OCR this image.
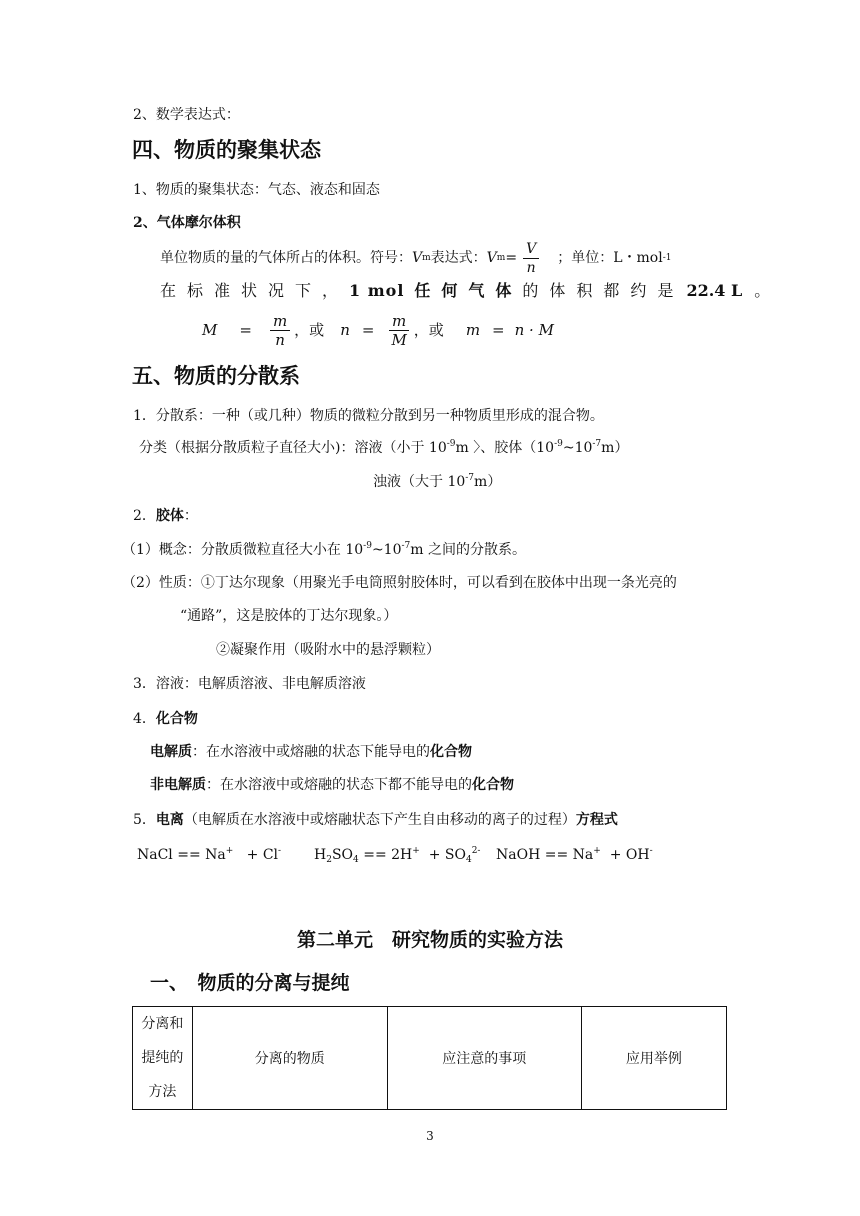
2、数学表达式：
四、物质的聚集状态
1、物质的聚集状态：气态、液态和固态
2、气体摩尔体积
单位物质的量的气体所占的体积。符号： V m 表达式： V $m = \frac{V}{n}$ ；单位：L・mol -1
在标准状况下，1 mol 任何气体的体积都约是 22.4 L 。
$M = \frac{m}{n}$ ，或 $n = \frac{m}{M}$ ，或 m = n · M
五、物质的分散系
1．分散系：一种（或几种）物质的微粒分散到另一种物质里形成的混合物。
分类（根据分散质粒子直径大小)：溶液（小于 $10^{-9}m$ 〉、胶体$(10^{-9}\sim 10^{-7}m)$
浊液（大于 $10^{-7}m$）
2．胶体：
（1）概念：分散质微粒直径大小在 $10^{-9}\sim 10^{-7}m$ 之间的分散系。
（2）性质：①丁达尔现象（用聚光手电筒照射胶体时，可以看到在胶体中出现一条光亮的
“通路”，这是胶体的丁达尔现象。）
②凝聚作用（吸附水中的悬浮颗粒）
3．溶液：电解质溶液、非电解质溶液
4．化合物
电解质：在水溶液中或熔融的状态下能导电的化合物
非电解质：在水溶液中或熔融的状态下都不能导电的化合物
5．电离（电解质在水溶液中或熔融状态下产生自由移动的离子的过程）方程式
NaCl == Na+ + Cl- $H_2SO_4 == 2H^+ + SO_4^{2-}$ NaOH == Na+ + OH-
第二单元　研究物质的实验方法
一、　物质的分离与提纯
分离和
提纯的
方法
	分离的物质	应注意的事项	应用举例
3
